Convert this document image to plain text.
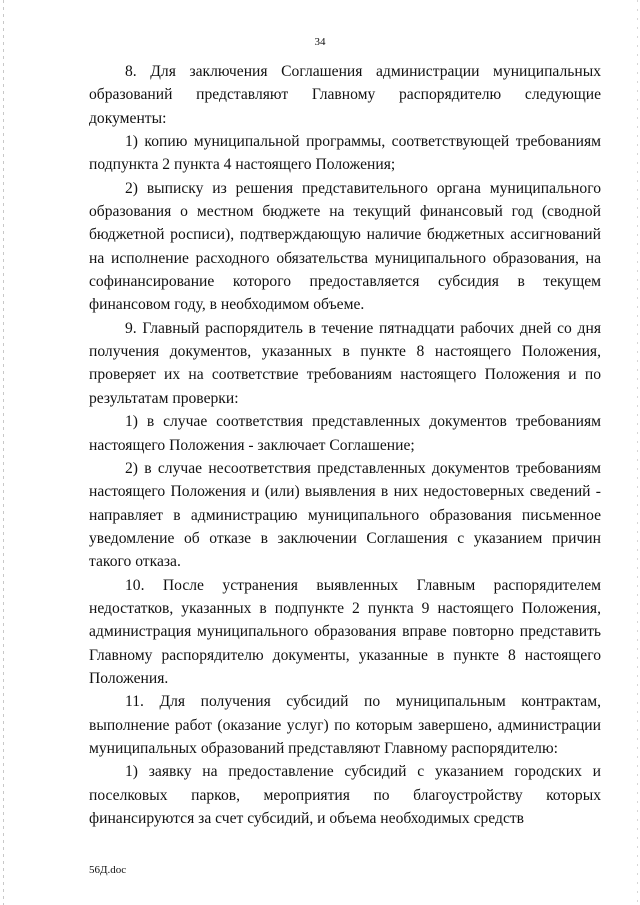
34

8. Для заключения Соглашения администрации муниципальных образований представляют Главному распорядителю следующие документы:

1) копию муниципальной программы, соответствующей требованиям подпункта 2 пункта 4 настоящего Положения;

2) выписку из решения представительного органа муниципального образования о местном бюджете на текущий финансовый год (сводной бюджетной росписи), подтверждающую наличие бюджетных ассигнований на исполнение расходного обязательства муниципального образования, на софинансирование которого предоставляется субсидия в текущем финансовом году, в необходимом объеме.

9. Главный распорядитель в течение пятнадцати рабочих дней со дня получения документов, указанных в пункте 8 настоящего Положения, проверяет их на соответствие требованиям настоящего Положения и по результатам проверки:

1) в случае соответствия представленных документов требованиям настоящего Положения - заключает Соглашение;

2) в случае несоответствия представленных документов требованиям настоящего Положения и (или) выявления в них недостоверных сведений - направляет в администрацию муниципального образования письменное уведомление об отказе в заключении Соглашения с указанием причин такого отказа.

10. После устранения выявленных Главным распорядителем недостатков, указанных в подпункте 2 пункта 9 настоящего Положения, администрация муниципального образования вправе повторно представить Главному распорядителю документы, указанные в пункте 8 настоящего Положения.

11. Для получения субсидий по муниципальным контрактам, выполнение работ (оказание услуг) по которым завершено, администрации муниципальных образований представляют Главному распорядителю:

1) заявку на предоставление субсидий с указанием городских и поселковых парков, мероприятия по благоустройству которых финансируются за счет субсидий, и объема необходимых средств

56Д.doc
